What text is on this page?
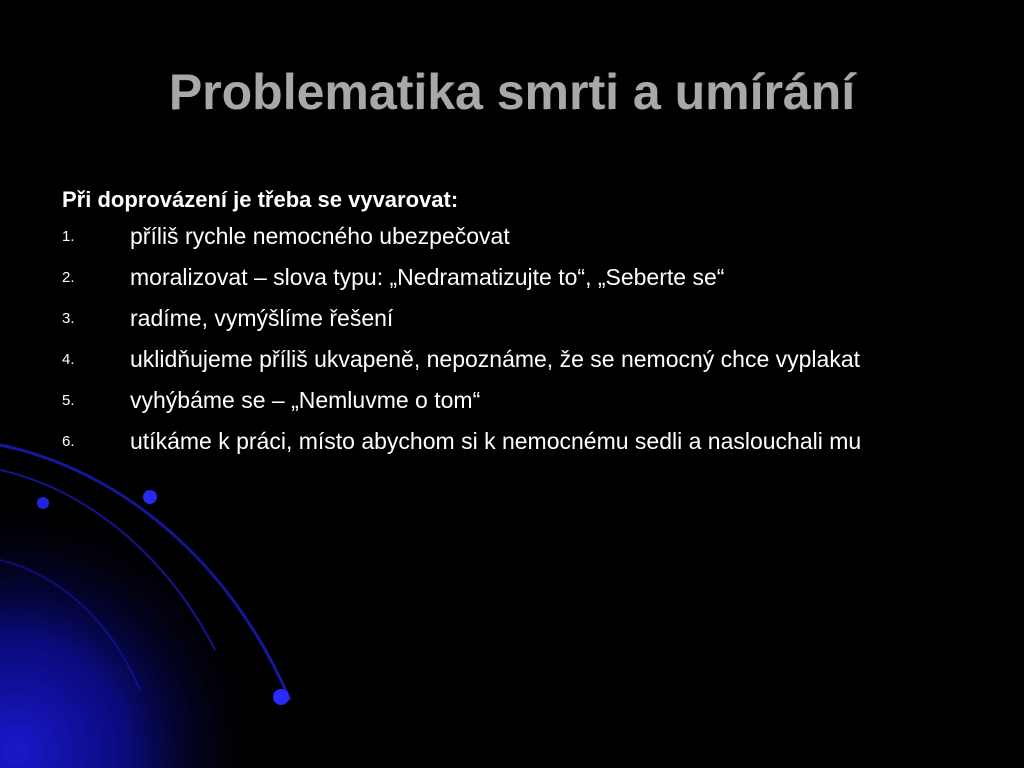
Problematika smrti a umírání
Při doprovázení je třeba se vyvarovat:
1.	příliš rychle nemocného ubezpečovat
2.	moralizovat – slova typu: „Nedramatizujte to“, „Seberte se“
3.	radíme, vymýšlíme řešení
4.	uklidňujeme příliš ukvapeně, nepoznáme, že se nemocný chce vyplakat
5.	vyhýbáme se – „Nemluvme o tom“
6.	utíkáme k práci, místo abychom si k nemocnému sedli a naslouchali mu
